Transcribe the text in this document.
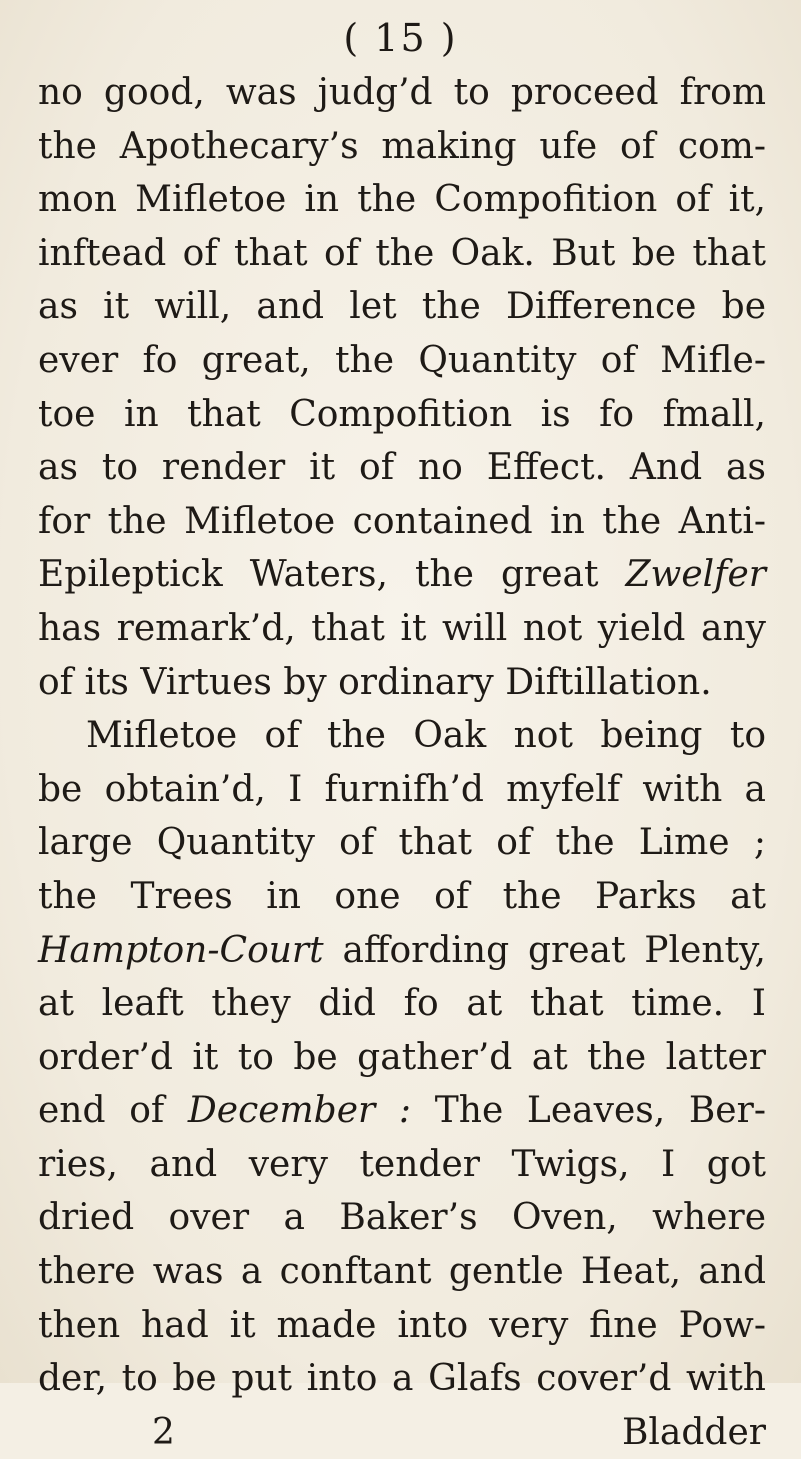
( 15 )
no good, was judg’d to proceed from
the Apothecary’s making ufe of com-
mon Mifletoe in the Compofition of it,
inftead of that of the Oak. But be that
as it will, and let the Difference be
ever fo great, the Quantity of Mifle-
toe in that Compofition is fo fmall,
as to render it of no Effect. And as
for the Mifletoe contained in the Anti-
Epileptick Waters, the great Zwelfer
has remark’d, that it will not yield any
of its Virtues by ordinary Diftillation.
Mifletoe of the Oak not being to
be obtain’d, I furnifh’d myfelf with a
large Quantity of that of the Lime ;
the Trees in one of the Parks at
Hampton-Court affording great Plenty,
at leaft they did fo at that time. I
order’d it to be gather’d at the latter
end of December : The Leaves, Ber-
ries, and very tender Twigs, I got
dried over a Baker’s Oven, where
there was a conftant gentle Heat, and
then had it made into very fine Pow-
der, to be put into a Glafs cover’d with
2	Bladder
